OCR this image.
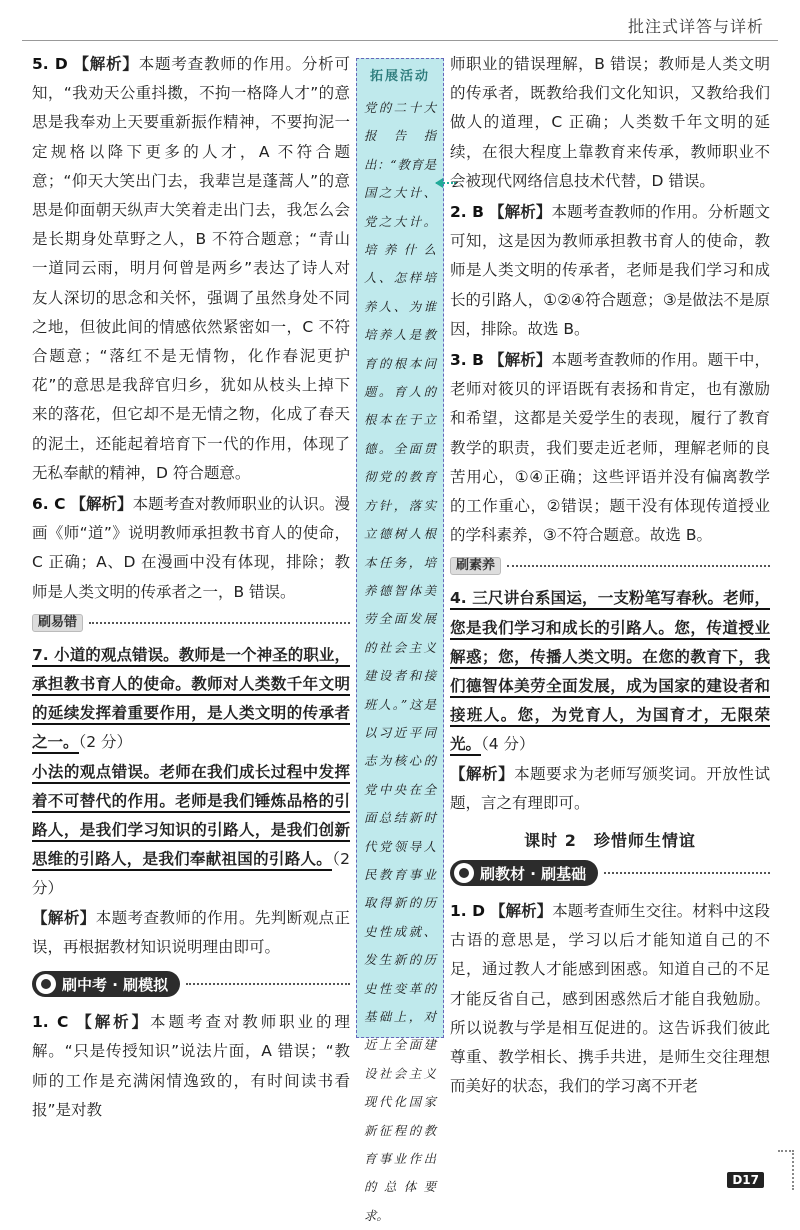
批注式详答与详析

5. D 【解析】本题考查教师的作用。分析可知，“我劝天公重抖擞，不拘一格降人才”的意思是我奉劝上天要重新振作精神，不要拘泥一定规格以降下更多的人才，A 不符合题意；“仰天大笑出门去，我辈岂是蓬蒿人”的意思是仰面朝天纵声大笑着走出门去，我怎么会是长期身处草野之人，B 不符合题意；“青山一道同云雨，明月何曾是两乡”表达了诗人对友人深切的思念和关怀，强调了虽然身处不同之地，但彼此间的情感依然紧密如一，C 不符合题意；“落红不是无情物，化作春泥更护花”的意思是我辞官归乡，犹如从枝头上掉下来的落花，但它却不是无情之物，化成了春天的泥土，还能起着培育下一代的作用，体现了无私奉献的精神，D 符合题意。

6. C 【解析】本题考查对教师职业的认识。漫画《师“道”》说明教师承担教书育人的使命，C 正确；A、D 在漫画中没有体现，排除；教师是人类文明的传承者之一，B 错误。

刷易错

7. 小道的观点错误。教师是一个神圣的职业，承担教书育人的使命。教师对人类数千年文明的延续发挥着重要作用，是人类文明的传承者之一。（2 分）

小法的观点错误。老师在我们成长过程中发挥着不可替代的作用。老师是我们锤炼品格的引路人，是我们学习知识的引路人，是我们创新思维的引路人，是我们奉献祖国的引路人。（2 分）

【解析】本题考查教师的作用。先判断观点正误，再根据教材知识说明理由即可。

刷中考 · 刷模拟

1. C 【解析】本题考查对教师职业的理解。“只是传授知识”说法片面，A 错误；“教师的工作是充满闲情逸致的，有时间读书看报”是对教

拓展活动
党的二十大报告指出：“教育是国之大计、党之大计。培养什么人、怎样培养人、为谁培养人是教育的根本问题。育人的根本在于立德。全面贯彻党的教育方针，落实立德树人根本任务，培养德智体美劳全面发展的社会主义建设者和接班人。”这是以习近平同志为核心的党中央在全面总结新时代党领导人民教育事业取得新的历史性成就、发生新的历史性变革的基础上，对近上全面建设社会主义现代化国家新征程的教育事业作出的总体要求。

师职业的错误理解，B 错误；教师是人类文明的传承者，既教给我们文化知识，又教给我们做人的道理，C 正确；人类数千年文明的延续，在很大程度上靠教育来传承，教师职业不会被现代网络信息技术代替，D 错误。

2. B 【解析】本题考查教师的作用。分析题文可知，这是因为教师承担教书育人的使命，教师是人类文明的传承者，老师是我们学习和成长的引路人，①②④符合题意；③是做法不是原因，排除。故选 B。

3. B 【解析】本题考查教师的作用。题干中，老师对筱贝的评语既有表扬和肯定，也有激励和希望，这都是关爱学生的表现，履行了教育教学的职责，我们要走近老师，理解老师的良苦用心，①④正确；这些评语并没有偏离教学的工作重心，②错误；题干没有体现传道授业的学科素养，③不符合题意。故选 B。

刷素养

4. 三尺讲台系国运，一支粉笔写春秋。老师，您是我们学习和成长的引路人。您，传道授业解惑；您，传播人类文明。在您的教育下，我们德智体美劳全面发展，成为国家的建设者和接班人。您，为党育人，为国育才，无限荣光。（4 分）

【解析】本题要求为老师写颁奖词。开放性试题，言之有理即可。

课时 2　珍惜师生情谊
刷教材 · 刷基础

1. D 【解析】本题考查师生交往。材料中这段古语的意思是，学习以后才能知道自己的不足，通过教人才能感到困惑。知道自己的不足才能反省自己，感到困惑然后才能自我勉励。所以说教与学是相互促进的。这告诉我们彼此尊重、教学相长、携手共进，是师生交往理想而美好的状态，我们的学习离不开老

D17
